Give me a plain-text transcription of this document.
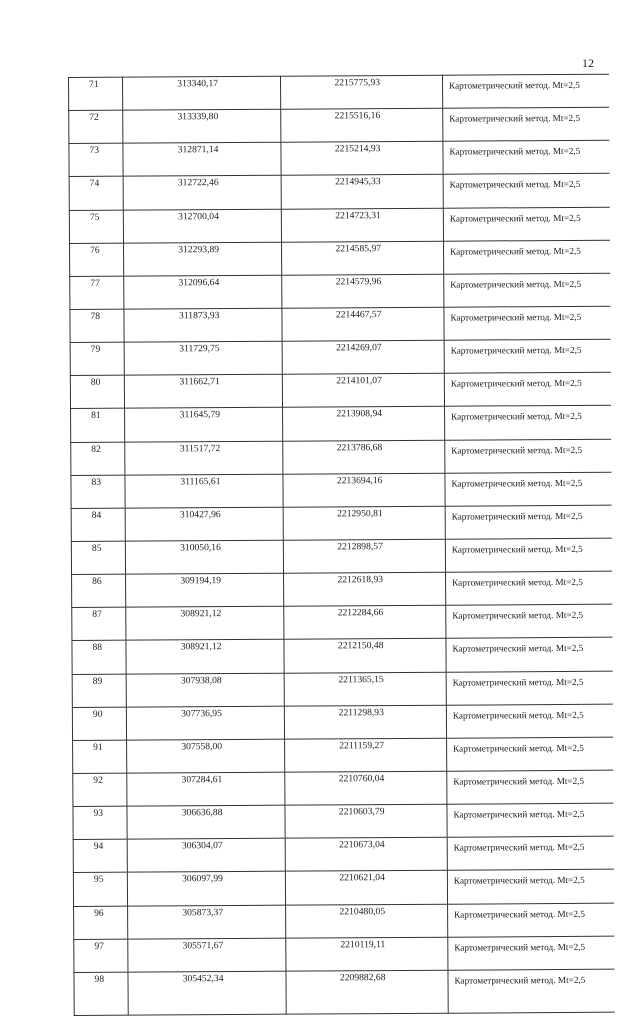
12
71	313340,17	2215775,93	Картометрический метод. Mt=2,5
72	313339,80	2215516,16	Картометрический метод. Mt=2,5
73	312871,14	2215214,93	Картометрический метод. Mt=2,5
74	312722,46	2214945,33	Картометрический метод. Mt=2,5
75	312700,04	2214723,31	Картометрический метод. Mt=2,5
76	312293,89	2214585,97	Картометрический метод. Mt=2,5
77	312096,64	2214579,96	Картометрический метод. Mt=2,5
78	311873,93	2214467,57	Картометрический метод. Mt=2,5
79	311729,75	2214269,07	Картометрический метод. Mt=2,5
80	311662,71	2214101,07	Картометрический метод. Mt=2,5
81	311645,79	2213908,94	Картометрический метод. Mt=2,5
82	311517,72	2213786,68	Картометрический метод. Mt=2,5
83	311165,61	2213694,16	Картометрический метод. Mt=2,5
84	310427,96	2212950,81	Картометрический метод. Mt=2,5
85	310050,16	2212898,57	Картометрический метод. Mt=2,5
86	309194,19	2212618,93	Картометрический метод. Mt=2,5
87	308921,12	2212284,66	Картометрический метод. Mt=2,5
88	308921,12	2212150,48	Картометрический метод. Mt=2,5
89	307938,08	2211365,15	Картометрический метод. Mt=2,5
90	307736,95	2211298,93	Картометрический метод. Mt=2,5
91	307558,00	2211159,27	Картометрический метод. Mt=2,5
92	307284,61	2210760,04	Картометрический метод. Mt=2,5
93	306636,88	2210603,79	Картометрический метод. Mt=2,5
94	306304,07	2210673,04	Картометрический метод. Mt=2,5
95	306097,99	2210621,04	Картометрический метод. Mt=2,5
96	305873,37	2210480,05	Картометрический метод. Mt=2,5
97	305571,67	2210119,11	Картометрический метод. Mt=2,5
98	305452,34	2209882,68	Картометрический метод. Mt=2,5
